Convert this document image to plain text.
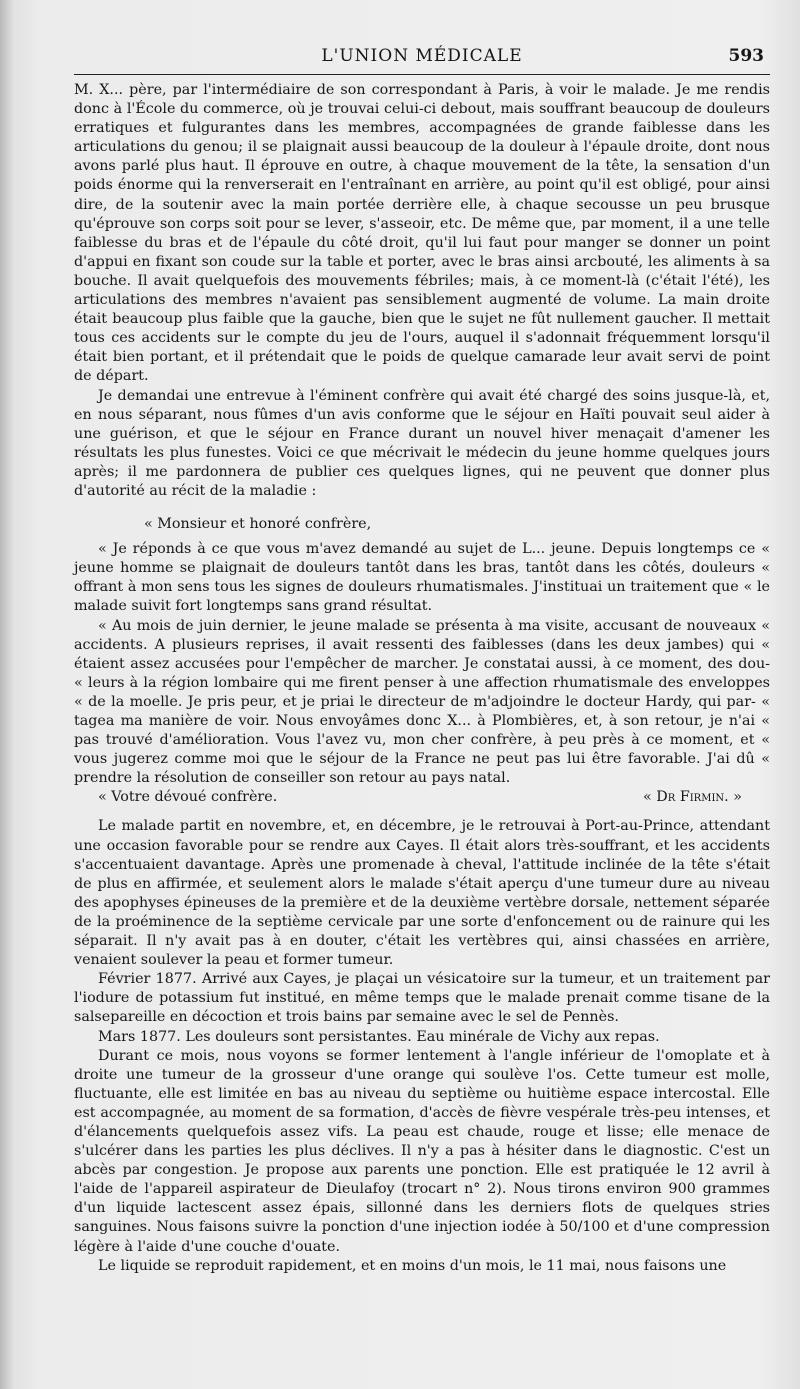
L'UNION MÉDICALE	593

M. X... père, par l'intermédiaire de son correspondant à Paris, à voir le malade. Je me rendis donc à l'École du commerce, où je trouvai celui-ci debout, mais souffrant beaucoup de douleurs erratiques et fulgurantes dans les membres, accompagnées de grande faiblesse dans les articulations du genou; il se plaignait aussi beaucoup de la douleur à l'épaule droite, dont nous avons parlé plus haut. Il éprouve en outre, à chaque mouvement de la tête, la sensation d'un poids énorme qui la renverserait en l'entraînant en arrière, au point qu'il est obligé, pour ainsi dire, de la soutenir avec la main portée derrière elle, à chaque secousse un peu brusque qu'éprouve son corps soit pour se lever, s'asseoir, etc. De même que, par moment, il a une telle faiblesse du bras et de l'épaule du côté droit, qu'il lui faut pour manger se donner un point d'appui en fixant son coude sur la table et porter, avec le bras ainsi arcbouté, les aliments à sa bouche. Il avait quelquefois des mouvements fébriles; mais, à ce moment-là (c'était l'été), les articulations des membres n'avaient pas sensiblement augmenté de volume. La main droite était beaucoup plus faible que la gauche, bien que le sujet ne fût nullement gaucher. Il mettait tous ces accidents sur le compte du jeu de l'ours, auquel il s'adonnait fréquemment lorsqu'il était bien portant, et il prétendait que le poids de quelque camarade leur avait servi de point de départ.

Je demandai une entrevue à l'éminent confrère qui avait été chargé des soins jusque-là, et, en nous séparant, nous fûmes d'un avis conforme que le séjour en Haïti pouvait seul aider à une guérison, et que le séjour en France durant un nouvel hiver menaçait d'amener les résultats les plus funestes. Voici ce que mécrivait le médecin du jeune homme quelques jours après; il me pardonnera de publier ces quelques lignes, qui ne peuvent que donner plus d'autorité au récit de la maladie :

« Monsieur et honoré confrère,

« Je réponds à ce que vous m'avez demandé au sujet de L... jeune. Depuis longtemps ce « jeune homme se plaignait de douleurs tantôt dans les bras, tantôt dans les côtés, douleurs « offrant à mon sens tous les signes de douleurs rhumatismales. J'instituai un traitement que « le malade suivit fort longtemps sans grand résultat.

« Au mois de juin dernier, le jeune malade se présenta à ma visite, accusant de nouveaux « accidents. A plusieurs reprises, il avait ressenti des faiblesses (dans les deux jambes) qui « étaient assez accusées pour l'empêcher de marcher. Je constatai aussi, à ce moment, des dou- « leurs à la région lombaire qui me firent penser à une affection rhumatismale des enveloppes « de la moelle. Je pris peur, et je priai le directeur de m'adjoindre le docteur Hardy, qui par- « tagea ma manière de voir. Nous envoyâmes donc X... à Plombières, et, à son retour, je n'ai « pas trouvé d'amélioration. Vous l'avez vu, mon cher confrère, à peu près à ce moment, et « vous jugerez comme moi que le séjour de la France ne peut pas lui être favorable. J'ai dû « prendre la résolution de conseiller son retour au pays natal.

« Votre dévoué confrère.	« Dr Firmin. »

Le malade partit en novembre, et, en décembre, je le retrouvai à Port-au-Prince, attendant une occasion favorable pour se rendre aux Cayes. Il était alors très-souffrant, et les accidents s'accentuaient davantage. Après une promenade à cheval, l'attitude inclinée de la tête s'était de plus en affirmée, et seulement alors le malade s'était aperçu d'une tumeur dure au niveau des apophyses épineuses de la première et de la deuxième vertèbre dorsale, nettement séparée de la proéminence de la septième cervicale par une sorte d'enfoncement ou de rainure qui les séparait. Il n'y avait pas à en douter, c'était les vertèbres qui, ainsi chassées en arrière, venaient soulever la peau et former tumeur.

Février 1877. Arrivé aux Cayes, je plaçai un vésicatoire sur la tumeur, et un traitement par l'iodure de potassium fut institué, en même temps que le malade prenait comme tisane de la salsepareille en décoction et trois bains par semaine avec le sel de Pennès.

Mars 1877. Les douleurs sont persistantes. Eau minérale de Vichy aux repas.

Durant ce mois, nous voyons se former lentement à l'angle inférieur de l'omoplate et à droite une tumeur de la grosseur d'une orange qui soulève l'os. Cette tumeur est molle, fluctuante, elle est limitée en bas au niveau du septième ou huitième espace intercostal. Elle est accompagnée, au moment de sa formation, d'accès de fièvre vespérale très-peu intenses, et d'élancements quelquefois assez vifs. La peau est chaude, rouge et lisse; elle menace de s'ulcérer dans les parties les plus déclives. Il n'y a pas à hésiter dans le diagnostic. C'est un abcès par congestion. Je propose aux parents une ponction. Elle est pratiquée le 12 avril à l'aide de l'appareil aspirateur de Dieulafoy (trocart n° 2). Nous tirons environ 900 grammes d'un liquide lactescent assez épais, sillonné dans les derniers flots de quelques stries sanguines. Nous faisons suivre la ponction d'une injection iodée à 50/100 et d'une compression légère à l'aide d'une couche d'ouate.

Le liquide se reproduit rapidement, et en moins d'un mois, le 11 mai, nous faisons une
